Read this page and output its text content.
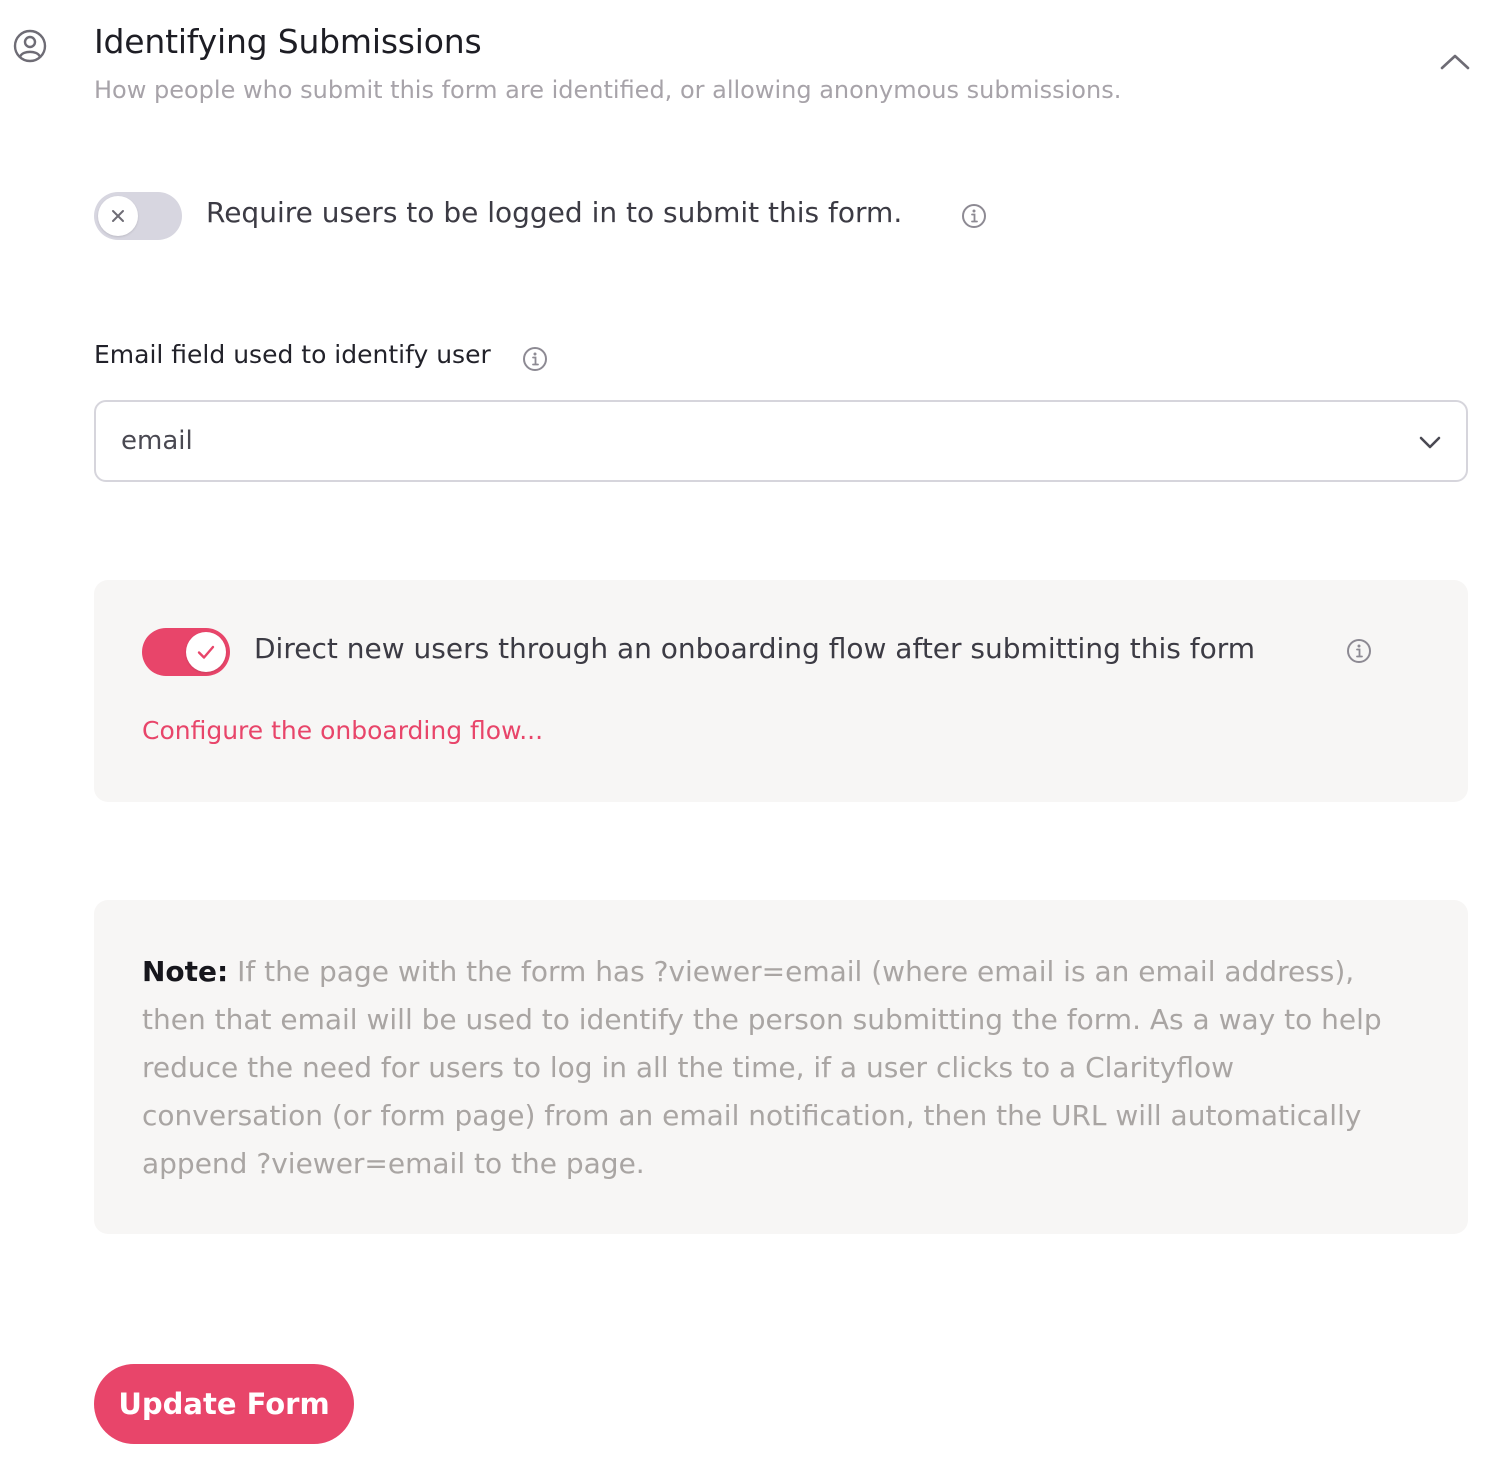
Identifying Submissions
How people who submit this form are identified, or allowing anonymous submissions.
Require users to be logged in to submit this form.
Email field used to identify user
email
Direct new users through an onboarding flow after submitting this form
Configure the onboarding flow...
Note: If the page with the form has ?viewer=email (where email is an email address), then that email will be used to identify the person submitting the form. As a way to help reduce the need for users to log in all the time, if a user clicks to a Clarityflow conversation (or form page) from an email notification, then the URL will automatically append ?viewer=email to the page.
Update Form
